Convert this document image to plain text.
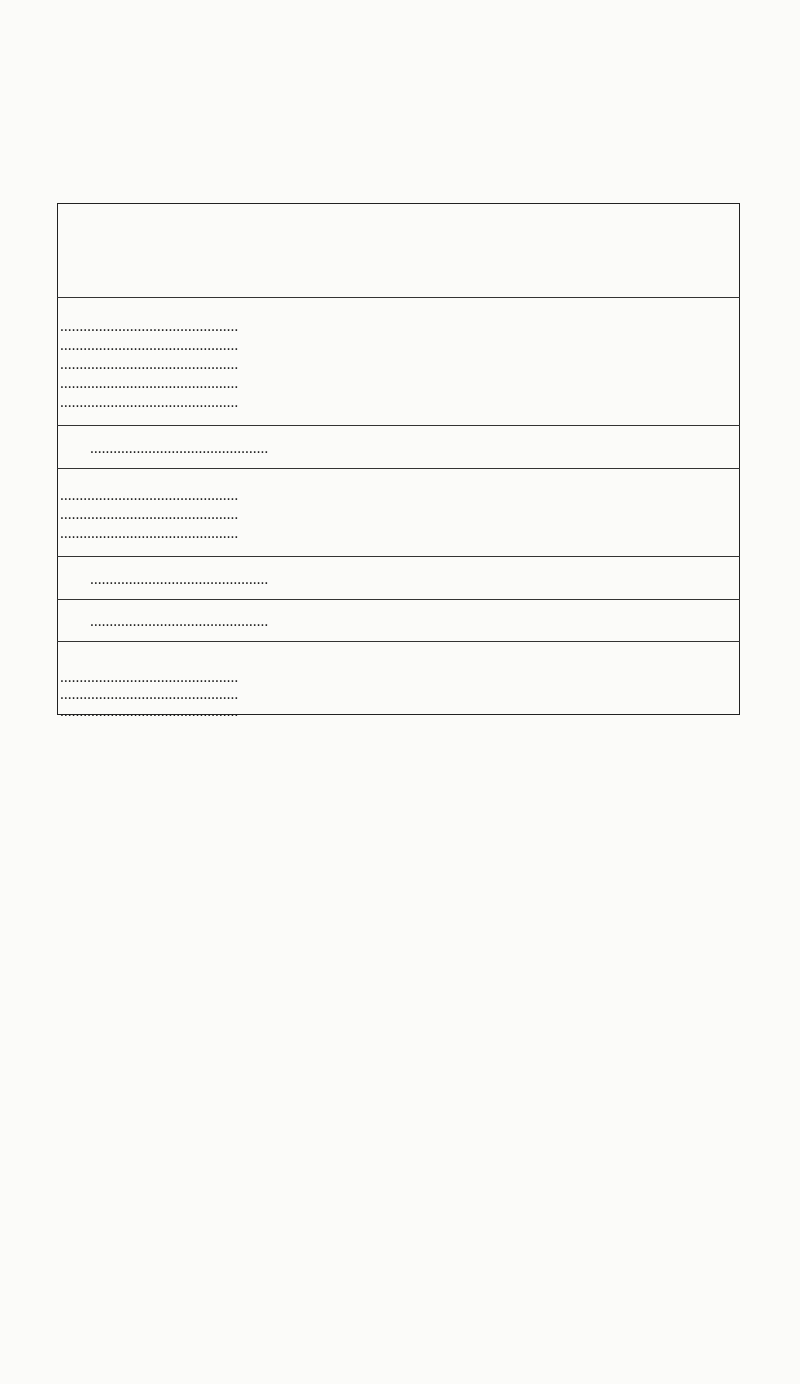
..............................................
..............................................
..............................................
..............................................
..............................................
..............................................
..............................................
..............................................
..............................................
..............................................
..............................................
..............................................
..............................................
..............................................
